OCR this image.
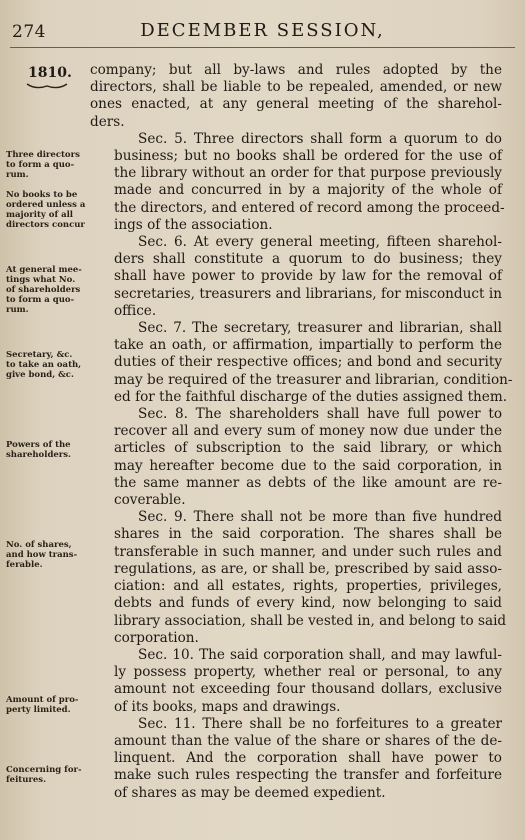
274	DECEMBER SESSION,
1810.
Three directors
to form a quo-
rum.
No books to be
ordered unless a
majority of all
directors concur
At general mee-
tings what No.
of shareholders
to form a quo-
rum.
Secretary, &c.
to take an oath,
give bond, &c.
Powers of the
shareholders.
No. of shares,
and how trans-
ferable.
Amount of pro-
perty limited.
Concerning for-
feitures.

company; but all by-laws and rules adopted by the
directors, shall be liable to be repealed, amended, or new
ones enacted, at any general meeting of the sharehol-
ders.

Sec. 5. Three directors shall form a quorum to do
business; but no books shall be ordered for the use of
the library without an order for that purpose previously
made and concurred in by a majority of the whole of
the directors, and entered of record among the proceed-
ings of the association.

Sec. 6. At every general meeting, fifteen sharehol-
ders shall constitute a quorum to do business; they
shall have power to provide by law for the removal of
secretaries, treasurers and librarians, for misconduct in
office.

Sec. 7. The secretary, treasurer and librarian, shall
take an oath, or affirmation, impartially to perform the
duties of their respective offices; and bond and security
may be required of the treasurer and librarian, condition-
ed for the faithful discharge of the duties assigned them.

Sec. 8. The shareholders shall have full power to
recover all and every sum of money now due under the
articles of subscription to the said library, or which
may hereafter become due to the said corporation, in
the same manner as debts of the like amount are re-
coverable.

Sec. 9. There shall not be more than five hundred
shares in the said corporation. The shares shall be
transferable in such manner, and under such rules and
regulations, as are, or shall be, prescribed by said asso-
ciation: and all estates, rights, properties, privileges,
debts and funds of every kind, now belonging to said
library association, shall be vested in, and belong to said
corporation.

Sec. 10. The said corporation shall, and may lawful-
ly possess property, whether real or personal, to any
amount not exceeding four thousand dollars, exclusive
of its books, maps and drawings.

Sec. 11. There shall be no forfeitures to a greater
amount than the value of the share or shares of the de-
linquent. And the corporation shall have power to
make such rules respecting the transfer and forfeiture
of shares as may be deemed expedient.
